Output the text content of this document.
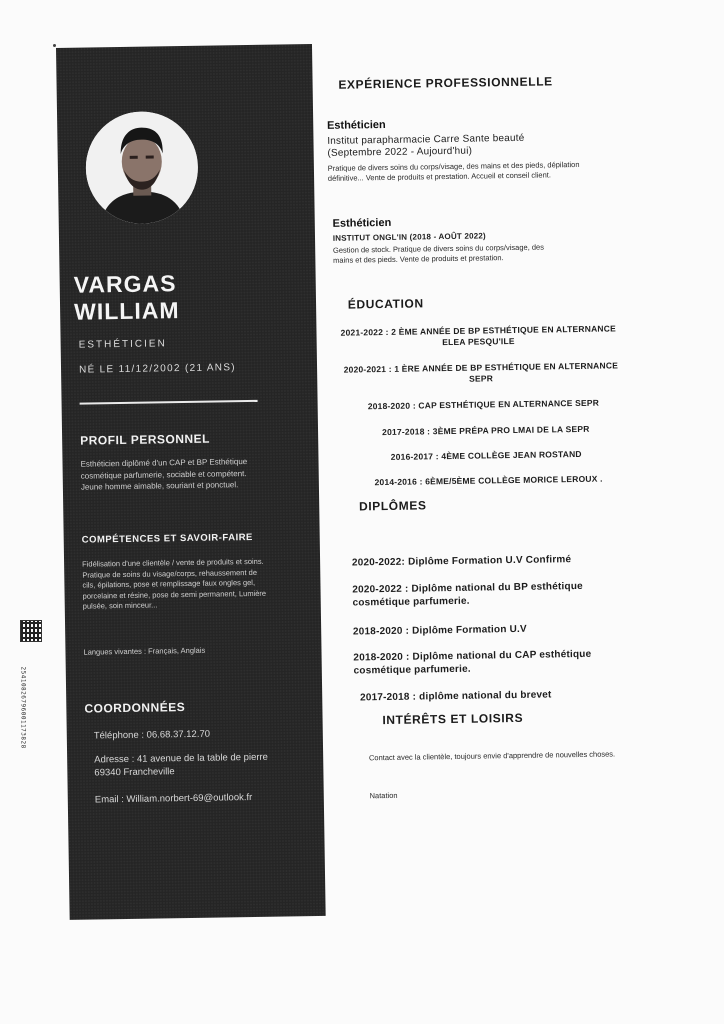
25410826796001173828
VARGAS
WILLIAM
ESTHÉTICIEN
NÉ LE 11/12/2002 (21 ANS)
PROFIL PERSONNEL
Esthéticien diplômé d'un CAP et BP Esthétique cosmétique parfumerie, sociable et compétent. Jeune homme aimable, souriant et ponctuel.
COMPÉTENCES ET SAVOIR-FAIRE
Fidélisation d'une clientèle / vente de produits et soins. Pratique de soins du visage/corps, rehaussement de cils, épilations, pose et remplissage faux ongles gel, porcelaine et résine, pose de semi permanent, Lumière pulsée, soin minceur...
Langues vivantes : Français, Anglais
COORDONNÉES
Téléphone : 06.68.37.12.70
Adresse : 41 avenue de la table de pierre 69340 Francheville
Email : William.norbert-69@outlook.fr
EXPÉRIENCE PROFESSIONNELLE
Esthéticien
Institut parapharmacie Carre Sante beauté (Septembre 2022 - Aujourd'hui)
Pratique de divers soins du corps/visage, des mains et des pieds, dépilation définitive... Vente de produits et prestation. Accueil et conseil client.
Esthéticien
INSTITUT ONGL'IN (2018 - AOÛT 2022)
Gestion de stock. Pratique de divers soins du corps/visage, des mains et des pieds. Vente de produits et prestation.
ÉDUCATION
2021-2022 : 2 ÈME ANNÉE DE BP ESTHÉTIQUE EN ALTERNANCE ELEA PESQU'ILE
2020-2021 : 1 ÈRE ANNÉE DE BP ESTHÉTIQUE EN ALTERNANCE SEPR
2018-2020 : CAP ESTHÉTIQUE EN ALTERNANCE SEPR
2017-2018 : 3ÈME PRÉPA PRO LMAI DE LA SEPR
2016-2017 : 4ÈME COLLÈGE JEAN ROSTAND
2014-2016 : 6ÈME/5ÈME COLLÈGE MORICE LEROUX .
DIPLÔMES
2020-2022: Diplôme Formation U.V Confirmé
2020-2022 : Diplôme national du BP esthétique cosmétique parfumerie.
2018-2020 : Diplôme Formation U.V
2018-2020 : Diplôme national du CAP esthétique cosmétique parfumerie.
2017-2018 : diplôme national du brevet
INTÉRÊTS ET LOISIRS
Contact avec la clientèle, toujours envie d'apprendre de nouvelles choses.
Natation
